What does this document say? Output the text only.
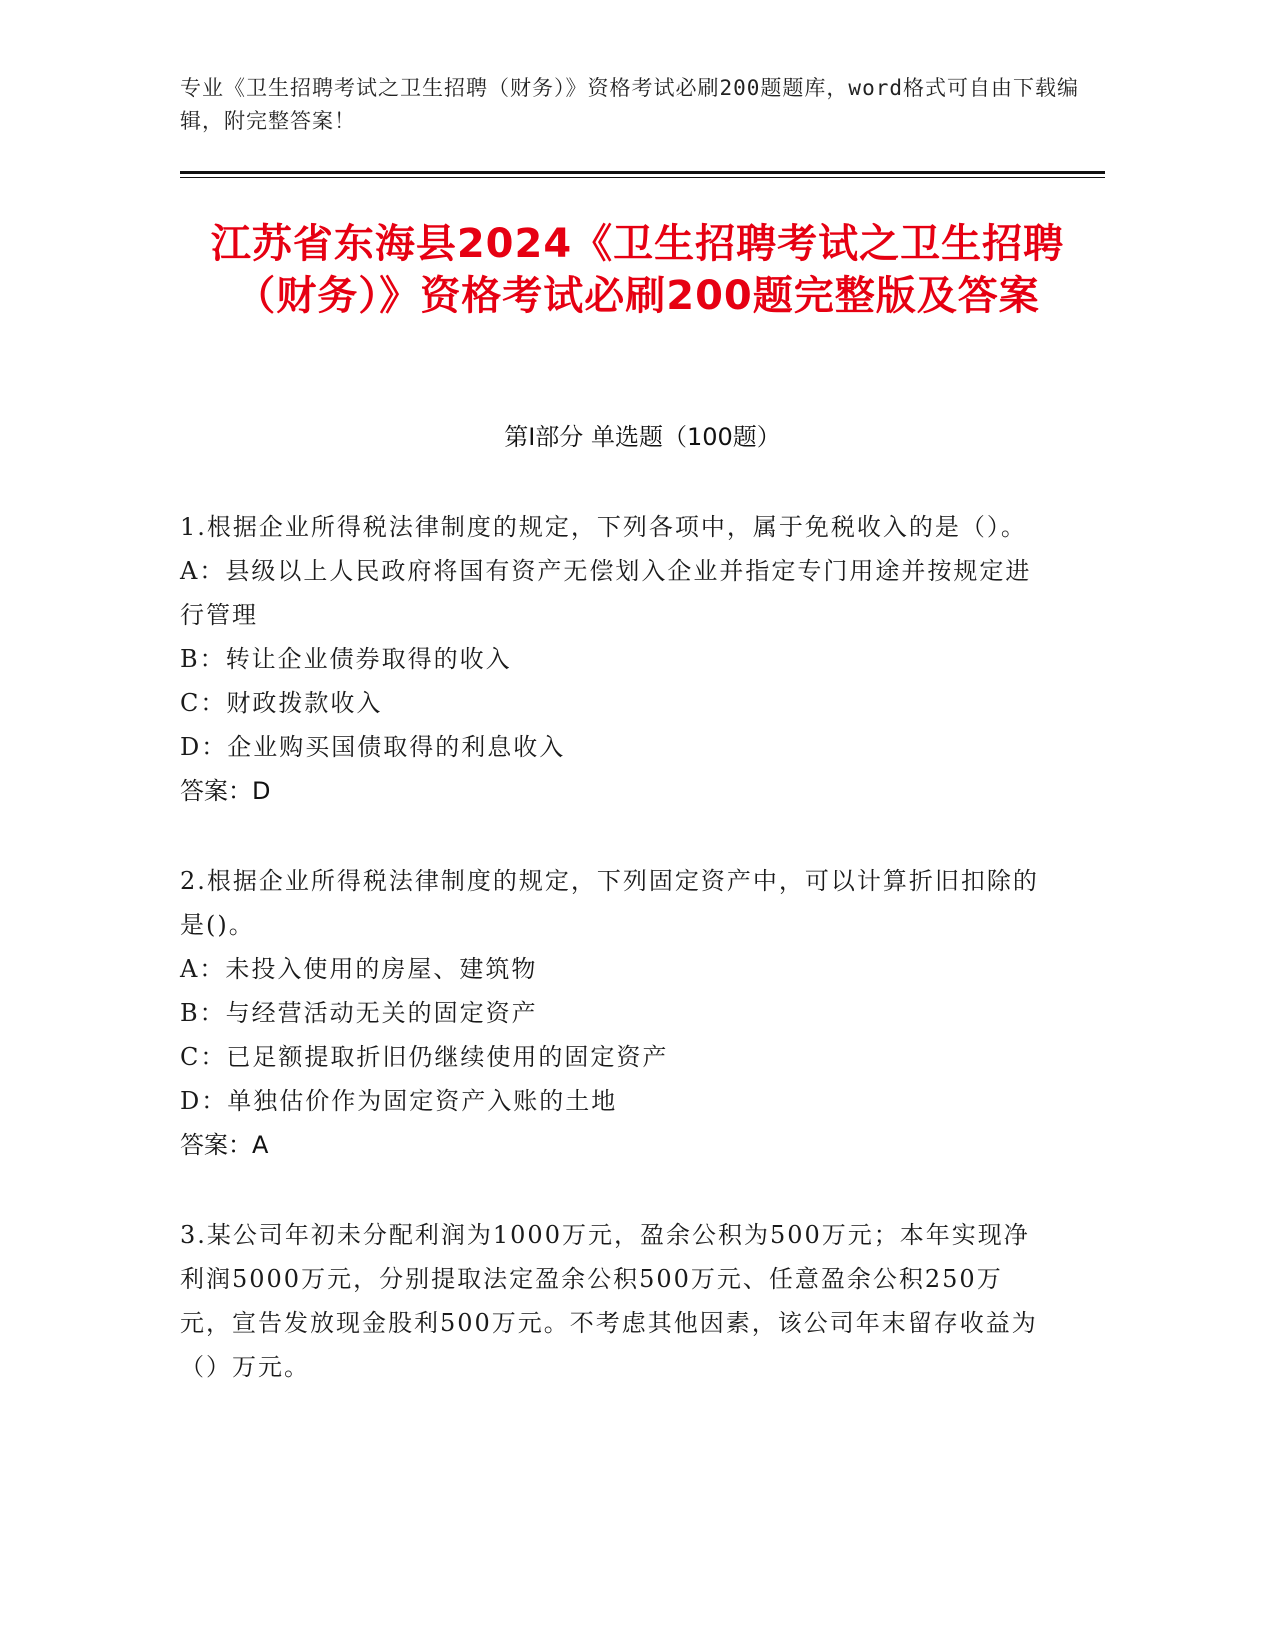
专业《卫生招聘考试之卫生招聘（财务）》资格考试必刷200题题库，word格式可自由下载编辑，附完整答案！
江苏省东海县2024《卫生招聘考试之卫生招聘（财务）》资格考试必刷200题完整版及答案
第I部分 单选题（100题）
1.根据企业所得税法律制度的规定，下列各项中，属于免税收入的是（）。
A：县级以上人民政府将国有资产无偿划入企业并指定专门用途并按规定进行管理
B：转让企业债券取得的收入
C：财政拨款收入
D：企业购买国债取得的利息收入
答案：D
2.根据企业所得税法律制度的规定，下列固定资产中，可以计算折旧扣除的是()。
A：未投入使用的房屋、建筑物
B：与经营活动无关的固定资产
C：已足额提取折旧仍继续使用的固定资产
D：单独估价作为固定资产入账的土地
答案：A
3.某公司年初未分配利润为1000万元，盈余公积为500万元；本年实现净利润5000万元，分别提取法定盈余公积500万元、任意盈余公积250万元，宣告发放现金股利500万元。不考虑其他因素，该公司年末留存收益为（）万元。
